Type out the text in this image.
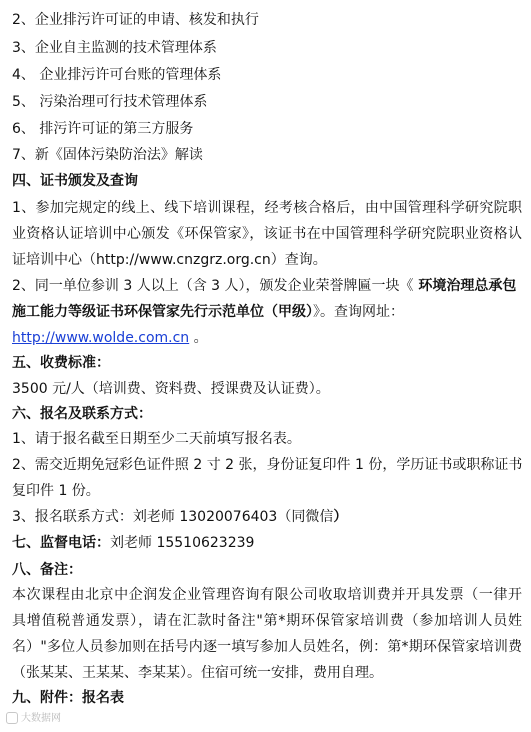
2、企业排污许可证的申请、核发和执行
3、企业自主监测的技术管理体系
4、 企业排污许可台账的管理体系
5、 污染治理可行技术管理体系
6、 排污许可证的第三方服务
7、新《固体污染防治法》解读
四、证书颁发及查询
1、参加完规定的线上、线下培训课程，经考核合格后，由中国管理科学研究院职
业资格认证培训中心颁发《环保管家》，该证书在中国管理科学研究院职业资格认
证培训中心（http://www.cnzgrz.org.cn）查询。
2、同一单位参训 3 人以上（含 3 人），颁发企业荣誉牌匾一块《 环境治理总承包
施工能力等级证书环保管家先行示范单位（甲级）》。查询网址：
http://www.wolde.com.cn 。
五、收费标准：
3500 元/人（培训费、资料费、授课费及认证费）。
六、报名及联系方式：
1、请于报名截至日期至少二天前填写报名表。
2、需交近期免冠彩色证件照 2 寸 2 张，身份证复印件 1 份，学历证书或职称证书
复印件 1 份。
3、报名联系方式：刘老师 13020076403（同微信）
七、监督电话：刘老师 15510623239
八、备注：
本次课程由北京中企润发企业管理咨询有限公司收取培训费并开具发票（一律开
具增值税普通发票），请在汇款时备注"第*期环保管家培训费（参加培训人员姓
名）"多位人员参加则在括号内逐一填写参加人员姓名，例：第*期环保管家培训费
（张某某、王某某、李某某）。住宿可统一安排，费用自理。
九、附件：报名表
大数据网
